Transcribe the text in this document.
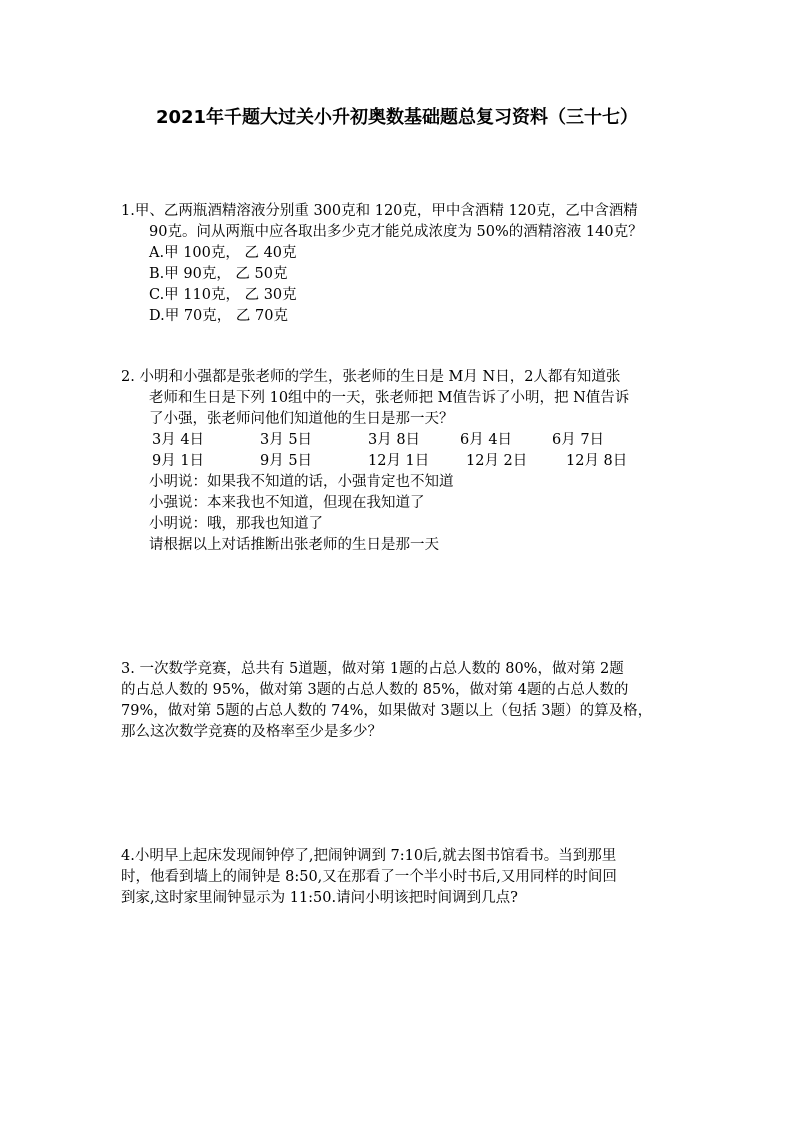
2021年千题大过关小升初奥数基础题总复习资料（三十七）
1.甲、乙两瓶酒精溶液分别重 300克和 120克，甲中含酒精 120克，乙中含酒精
90克。问从两瓶中应各取出多少克才能兑成浓度为 50%的酒精溶液 140克？
A.甲 100克， 乙 40克
B.甲 90克， 乙 50克
C.甲 110克， 乙 30克
D.甲 70克， 乙 70克
2. 小明和小强都是张老师的学生，张老师的生日是 M月 N日，2人都有知道张
老师和生日是下列 10组中的一天，张老师把 M值告诉了小明，把 N值告诉
了小强，张老师问他们知道他的生日是那一天？
3月 4日	3月 5日	3月 8日	6月 4日	6月 7日
9月 1日	9月 5日	12月 1日	12月 2日	12月 8日
小明说：如果我不知道的话，小强肯定也不知道
小强说：本来我也不知道，但现在我知道了
小明说：哦，那我也知道了
请根据以上对话推断出张老师的生日是那一天
3. 一次数学竞赛，总共有 5道题，做对第 1题的占总人数的 80%，做对第 2题
的占总人数的 95%，做对第 3题的占总人数的 85%，做对第 4题的占总人数的
79%，做对第 5题的占总人数的 74%，如果做对 3题以上（包括 3题）的算及格，
那么这次数学竞赛的及格率至少是多少？
4.小明早上起床发现闹钟停了,把闹钟调到 7:10后,就去图书馆看书。当到那里
时，他看到墙上的闹钟是 8:50,又在那看了一个半小时书后,又用同样的时间回
到家,这时家里闹钟显示为 11:50.请问小明该把时间调到几点?
